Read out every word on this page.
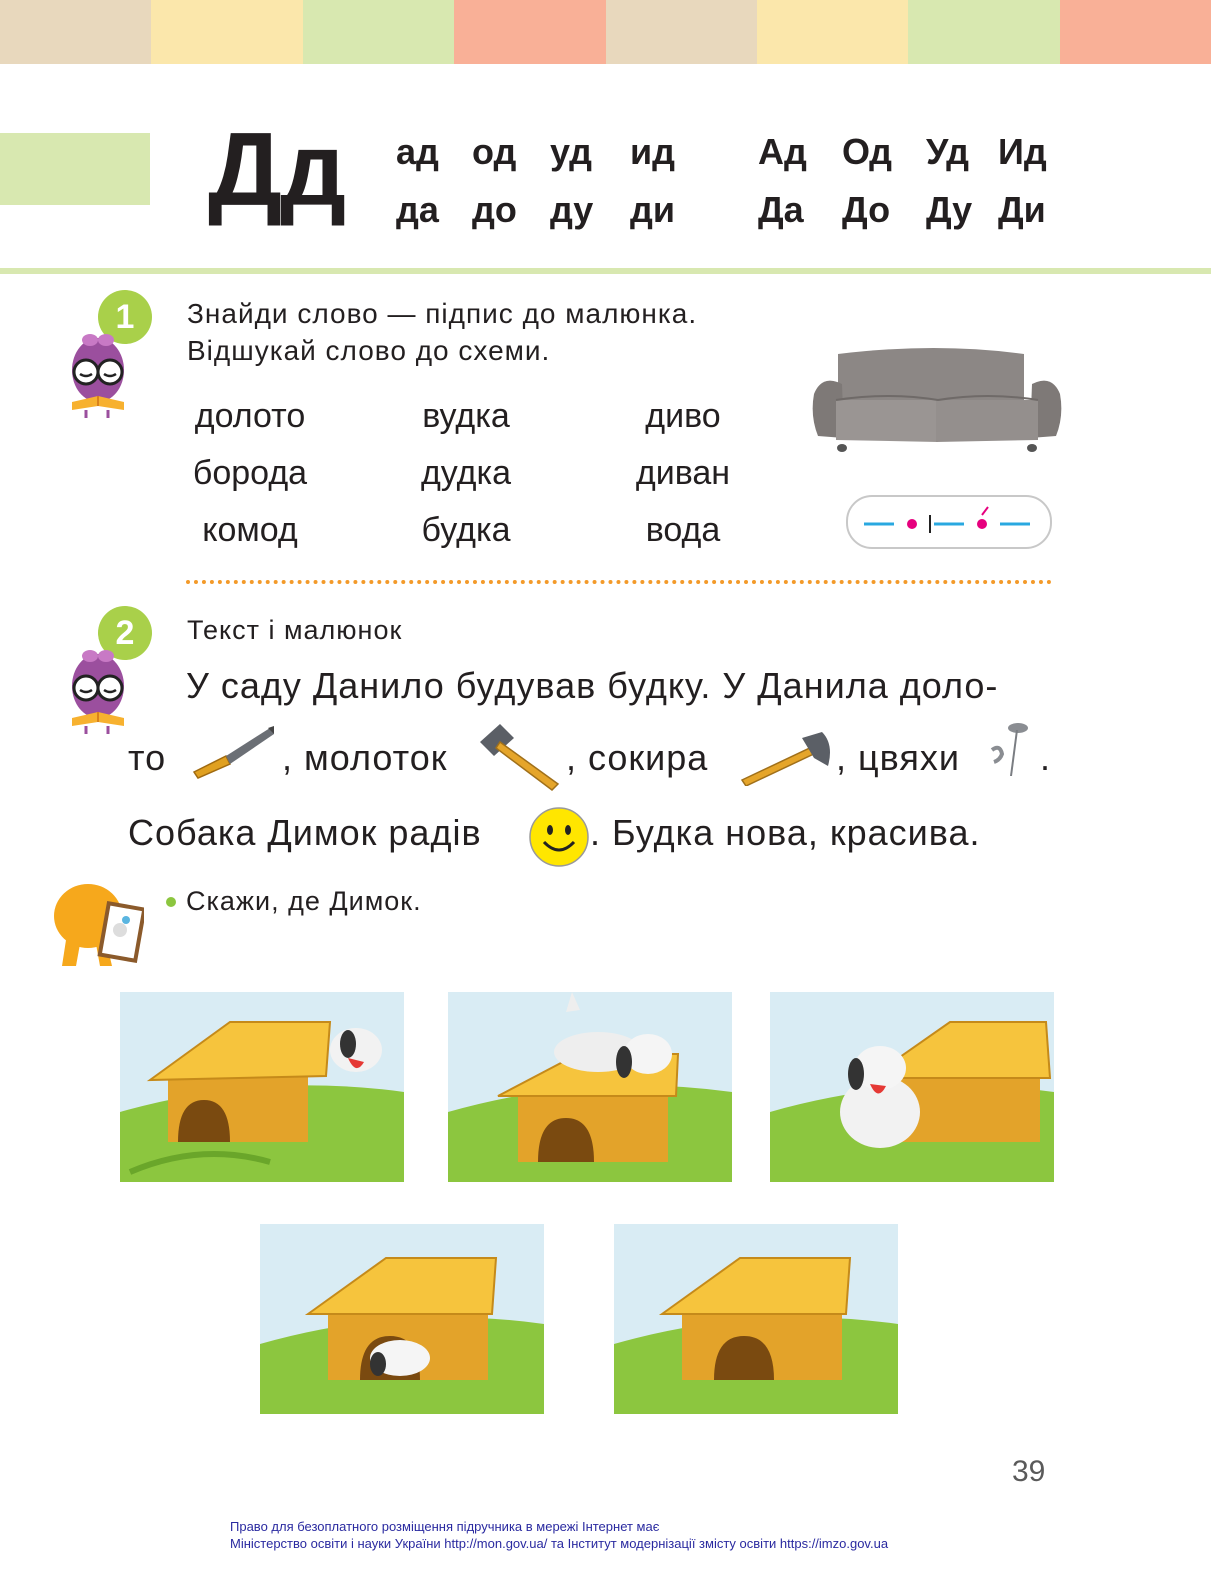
Дд ад од уд ид
да до ду ди
Ад Од Уд Ид
Да До Ду Ди
1	Знайди слово — підпис до малюнка.
Відшукай слово до схеми.
долото	вудка	диво
борода	дудка	диван
комод	будка	вода
2	Текст і малюнок
У саду Данило будував будку. У Данила доло-
то	, молоток	, сокира	, цвяхи .
Собака Димок радів	. Будка нова, красива.
Скажи, де Димок.
39
Право для безоплатного розміщення підручника в мережі Інтернет має
Міністерство освіти і науки України http://mon.gov.ua/ та Інститут модернізації змісту освіти https://imzo.gov.ua
